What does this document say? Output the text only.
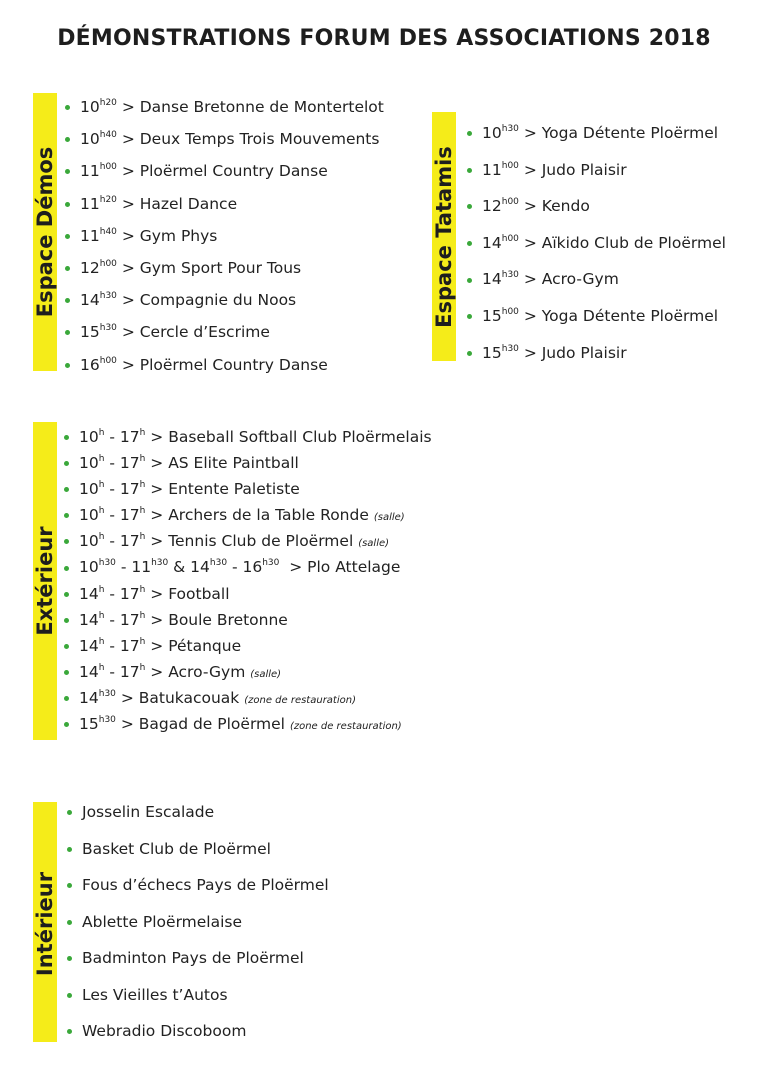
DÉMONSTRATIONS FORUM DES ASSOCIATIONS 2018
Espace Démos
$10^{h20}$ > Danse Bretonne de Montertelot
$10^{h40}$ > Deux Temps Trois Mouvements
$11^{h00}$ > Ploërmel Country Danse
$11^{h20}$ > Hazel Dance
$11^{h40}$ > Gym Phys
$12^{h00}$ > Gym Sport Pour Tous
$14^{h30}$ > Compagnie du Noos
$15^{h30}$ > Cercle d’Escrime
$16^{h00}$ > Ploërmel Country Danse
Espace Tatamis
$10^{h30}$ > Yoga Détente Ploërmel
$11^{h00}$ > Judo Plaisir
$12^{h00}$ > Kendo
$14^{h00}$ > Aïkido Club de Ploërmel
$14^{h30}$ > Acro-Gym
$15^{h00}$ > Yoga Détente Ploërmel
$15^{h30}$ > Judo Plaisir
Extérieur
$10^h - 17^h$ > Baseball Softball Club Ploërmelais
$10^h - 17^h$ > AS Elite Paintball
$10^h - 17^h$ > Entente Paletiste
$10^h - 17^h$ > Archers de la Table Ronde (salle)
$10^h - 17^h$ > Tennis Club de Ploërmel (salle)
$10^{h30} - 11^{h30}$ & $14^{h30} - 16^{h30}$  > Plo Attelage
$14^h - 17^h$ > Football
$14^h - 17^h$ > Boule Bretonne
$14^h - 17^h$ > Pétanque
$14^h - 17^h$ > Acro-Gym (salle)
$14^{h30}$ > Batukacouak (zone de restauration)
$15^{h30}$ > Bagad de Ploërmel (zone de restauration)
Intérieur
Josselin Escalade
Basket Club de Ploërmel
Fous d’échecs Pays de Ploërmel
Ablette Ploërmelaise
Badminton Pays de Ploërmel
Les Vieilles t’Autos
Webradio Discoboom
